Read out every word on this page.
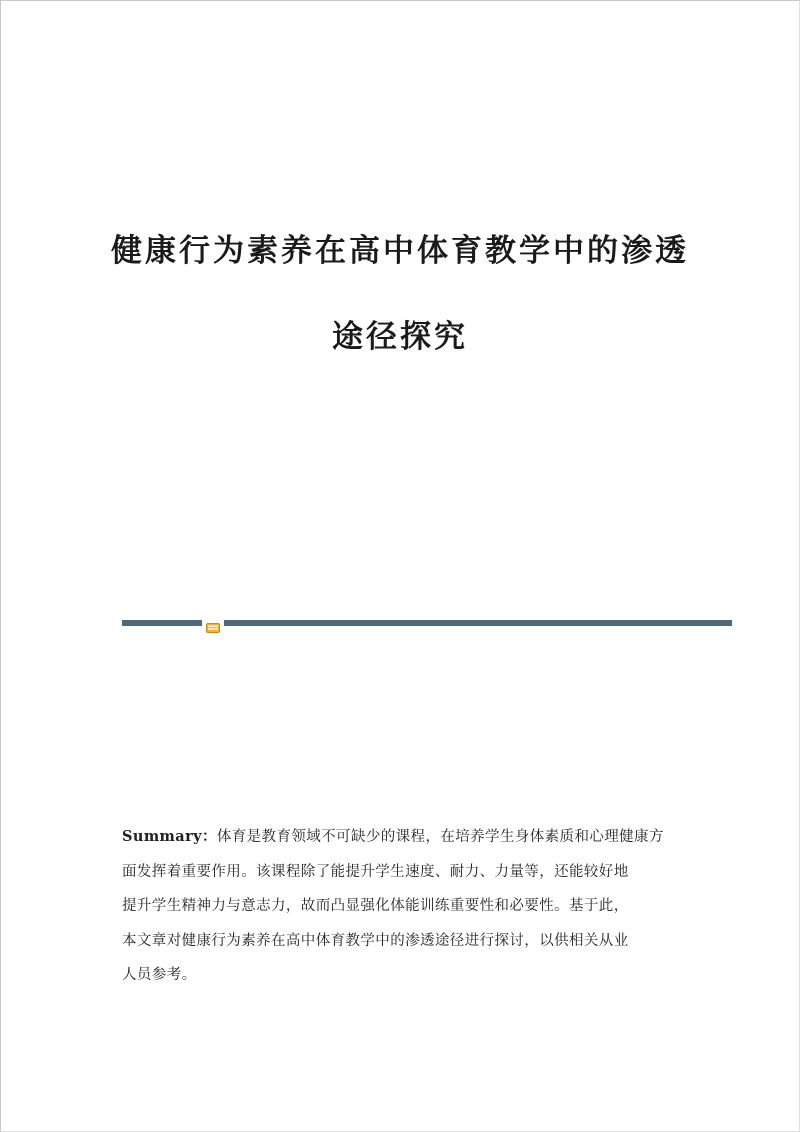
健康行为素养在高中体育教学中的渗透
途径探究
Summary：体育是教育领域不可缺少的课程，在培养学生身体素质和心理健康方
面发挥着重要作用。该课程除了能提升学生速度、耐力、力量等，还能较好地
提升学生精神力与意志力，故而凸显强化体能训练重要性和必要性。基于此，
本文章对健康行为素养在高中体育教学中的渗透途径进行探讨，以供相关从业
人员参考。
